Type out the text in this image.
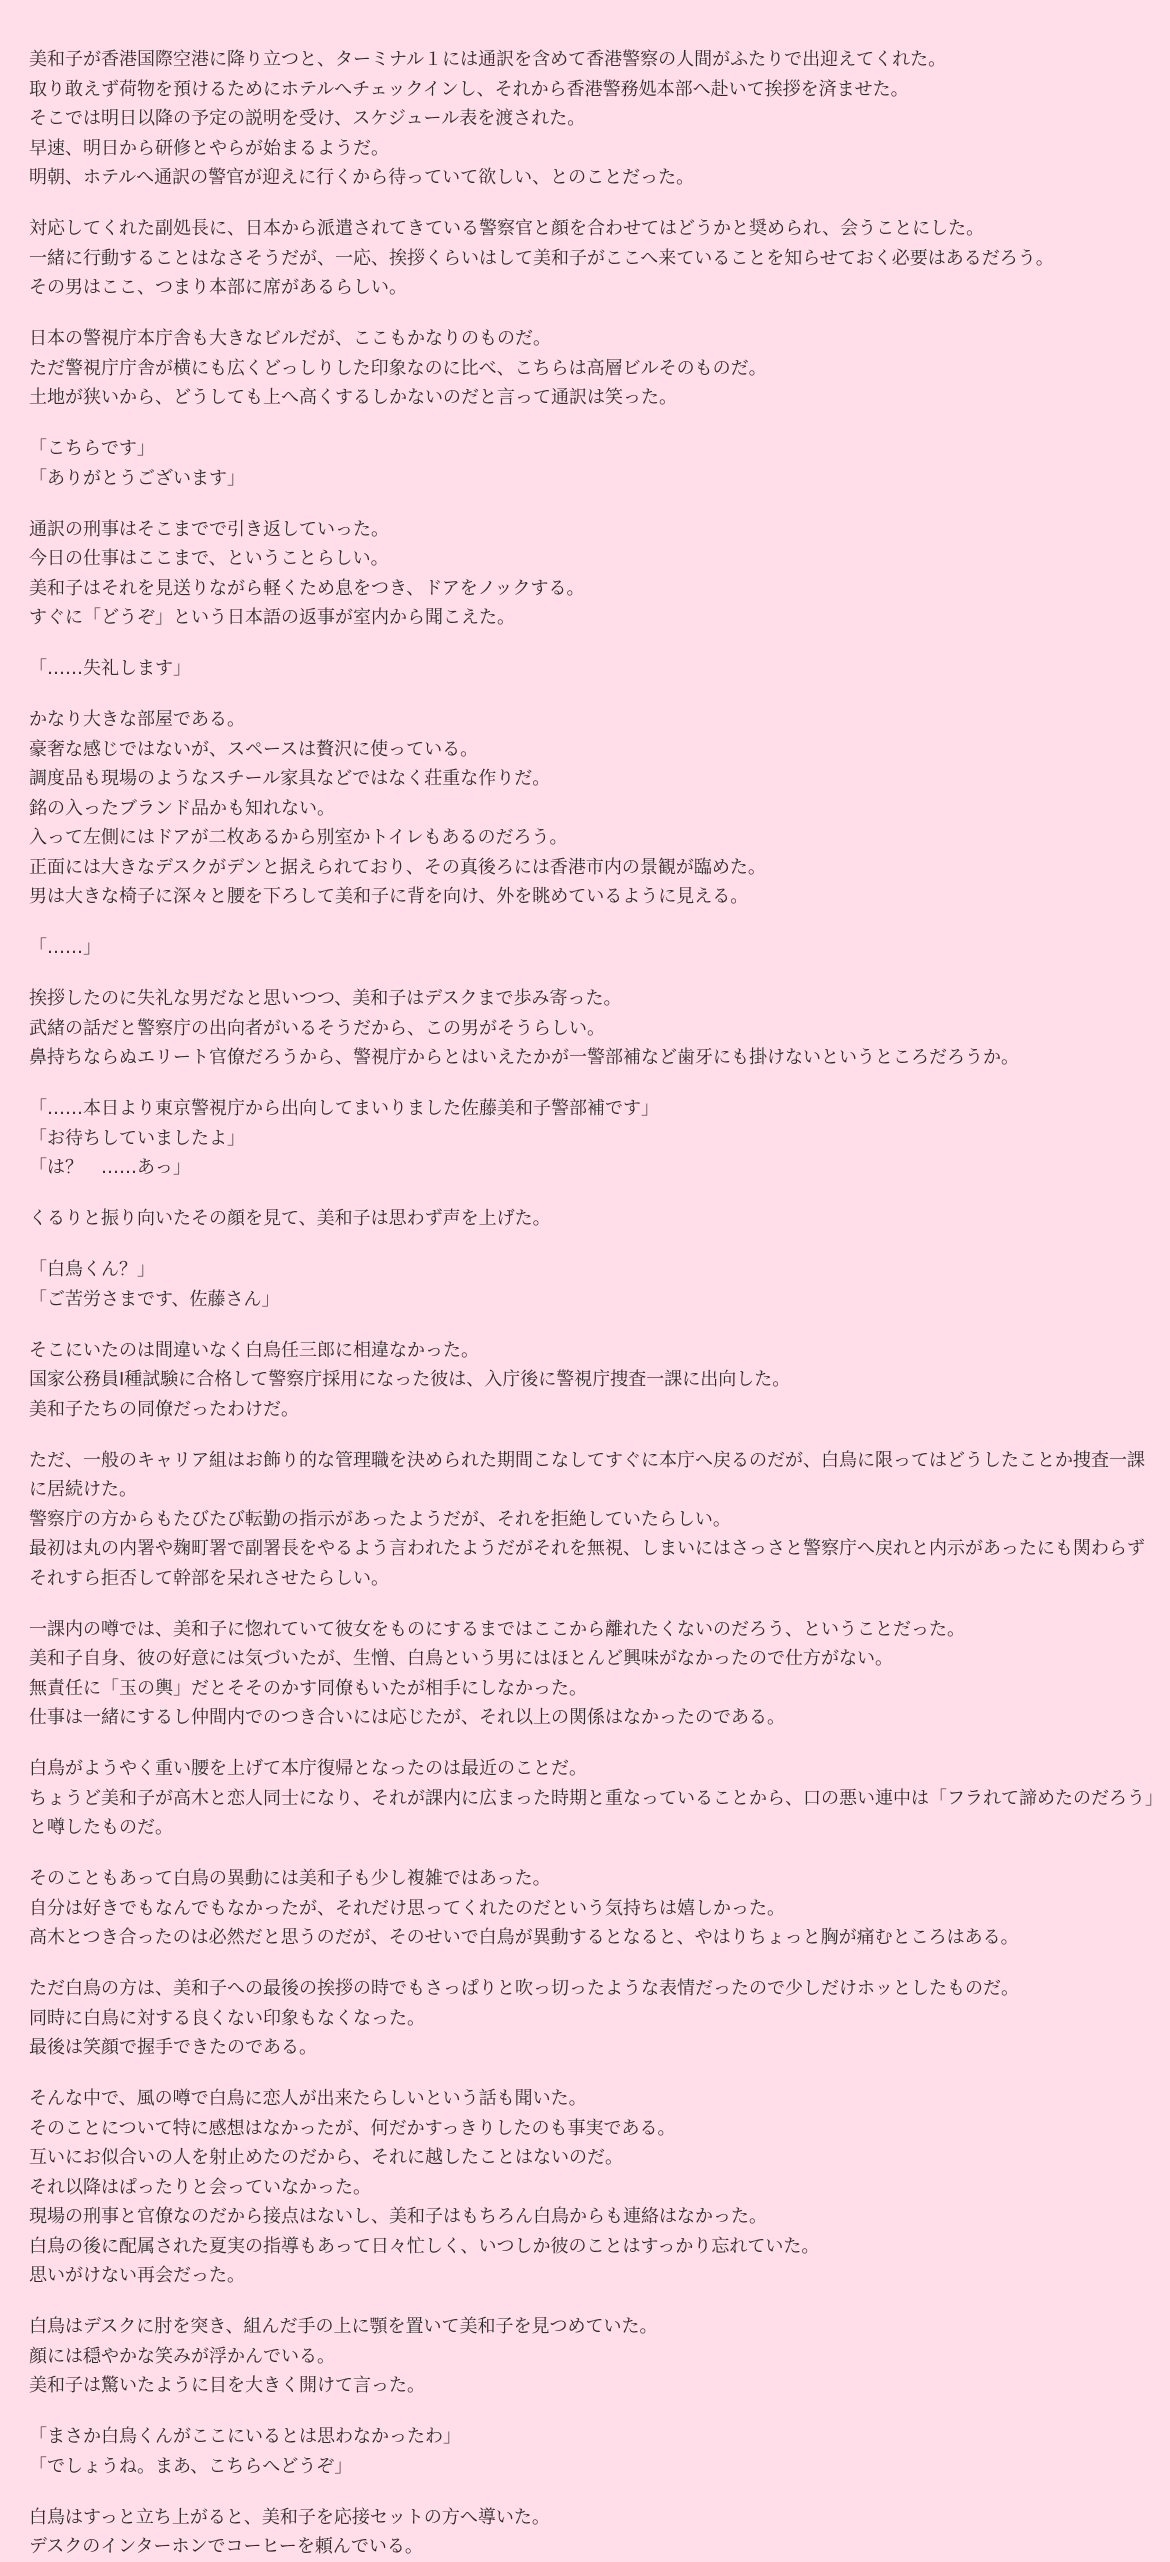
美和子が香港国際空港に降り立つと、ターミナル１には通訳を含めて香港警察の人間がふたりで出迎えてくれた。
取り敢えず荷物を預けるためにホテルへチェックインし、それから香港警務処本部へ赴いて挨拶を済ませた。
そこでは明日以降の予定の説明を受け、スケジュール表を渡された。
早速、明日から研修とやらが始まるようだ。
明朝、ホテルへ通訳の警官が迎えに行くから待っていて欲しい、とのことだった。
対応してくれた副処長に、日本から派遣されてきている警察官と顔を合わせてはどうかと奨められ、会うことにした。
一緒に行動することはなさそうだが、一応、挨拶くらいはして美和子がここへ来ていることを知らせておく必要はあるだろう。
その男はここ、つまり本部に席があるらしい。
日本の警視庁本庁舎も大きなビルだが、ここもかなりのものだ。
ただ警視庁庁舎が横にも広くどっしりした印象なのに比べ、こちらは高層ビルそのものだ。
土地が狭いから、どうしても上へ高くするしかないのだと言って通訳は笑った。
「こちらです」
「ありがとうございます」
通訳の刑事はそこまでで引き返していった。
今日の仕事はここまで、ということらしい。
美和子はそれを見送りながら軽くため息をつき、ドアをノックする。
すぐに「どうぞ」という日本語の返事が室内から聞こえた。
「……失礼します」
かなり大きな部屋である。
豪奢な感じではないが、スペースは贅沢に使っている。
調度品も現場のようなスチール家具などではなく荘重な作りだ。
銘の入ったブランド品かも知れない。
入って左側にはドアが二枚あるから別室かトイレもあるのだろう。
正面には大きなデスクがデンと据えられており、その真後ろには香港市内の景観が臨めた。
男は大きな椅子に深々と腰を下ろして美和子に背を向け、外を眺めているように見える。
「……」
挨拶したのに失礼な男だなと思いつつ、美和子はデスクまで歩み寄った。
武緒の話だと警察庁の出向者がいるそうだから、この男がそうらしい。
鼻持ちならぬエリート官僚だろうから、警視庁からとはいえたかが一警部補など歯牙にも掛けないというところだろうか。
「……本日より東京警視庁から出向してまいりました佐藤美和子警部補です」
「お待ちしていましたよ」
「は？　……あっ」
くるりと振り向いたその顔を見て、美和子は思わず声を上げた。
「白鳥くん？」
「ご苦労さまです、佐藤さん」
そこにいたのは間違いなく白鳥任三郎に相違なかった。
国家公務員Ⅰ種試験に合格して警察庁採用になった彼は、入庁後に警視庁捜査一課に出向した。
美和子たちの同僚だったわけだ。
ただ、一般のキャリア組はお飾り的な管理職を決められた期間こなしてすぐに本庁へ戻るのだが、白鳥に限ってはどうしたことか捜査一課に居続けた。
警察庁の方からもたびたび転勤の指示があったようだが、それを拒絶していたらしい。
最初は丸の内署や麹町署で副署長をやるよう言われたようだがそれを無視、しまいにはさっさと警察庁へ戻れと内示があったにも関わらずそれすら拒否して幹部を呆れさせたらしい。
一課内の噂では、美和子に惚れていて彼女をものにするまではここから離れたくないのだろう、ということだった。
美和子自身、彼の好意には気づいたが、生憎、白鳥という男にはほとんど興味がなかったので仕方がない。
無責任に「玉の輿」だとそそのかす同僚もいたが相手にしなかった。
仕事は一緒にするし仲間内でのつき合いには応じたが、それ以上の関係はなかったのである。
白鳥がようやく重い腰を上げて本庁復帰となったのは最近のことだ。
ちょうど美和子が高木と恋人同士になり、それが課内に広まった時期と重なっていることから、口の悪い連中は「フラれて諦めたのだろう」と噂したものだ。
そのこともあって白鳥の異動には美和子も少し複雑ではあった。
自分は好きでもなんでもなかったが、それだけ思ってくれたのだという気持ちは嬉しかった。
高木とつき合ったのは必然だと思うのだが、そのせいで白鳥が異動するとなると、やはりちょっと胸が痛むところはある。
ただ白鳥の方は、美和子への最後の挨拶の時でもさっぱりと吹っ切ったような表情だったので少しだけホッとしたものだ。
同時に白鳥に対する良くない印象もなくなった。
最後は笑顔で握手できたのである。
そんな中で、風の噂で白鳥に恋人が出来たらしいという話も聞いた。
そのことについて特に感想はなかったが、何だかすっきりしたのも事実である。
互いにお似合いの人を射止めたのだから、それに越したことはないのだ。
それ以降はぱったりと会っていなかった。
現場の刑事と官僚なのだから接点はないし、美和子はもちろん白鳥からも連絡はなかった。
白鳥の後に配属された夏実の指導もあって日々忙しく、いつしか彼のことはすっかり忘れていた。
思いがけない再会だった。
白鳥はデスクに肘を突き、組んだ手の上に顎を置いて美和子を見つめていた。
顔には穏やかな笑みが浮かんでいる。
美和子は驚いたように目を大きく開けて言った。
「まさか白鳥くんがここにいるとは思わなかったわ」
「でしょうね。まあ、こちらへどうぞ」
白鳥はすっと立ち上がると、美和子を応接セットの方へ導いた。
デスクのインターホンでコーヒーを頼んでいる。
